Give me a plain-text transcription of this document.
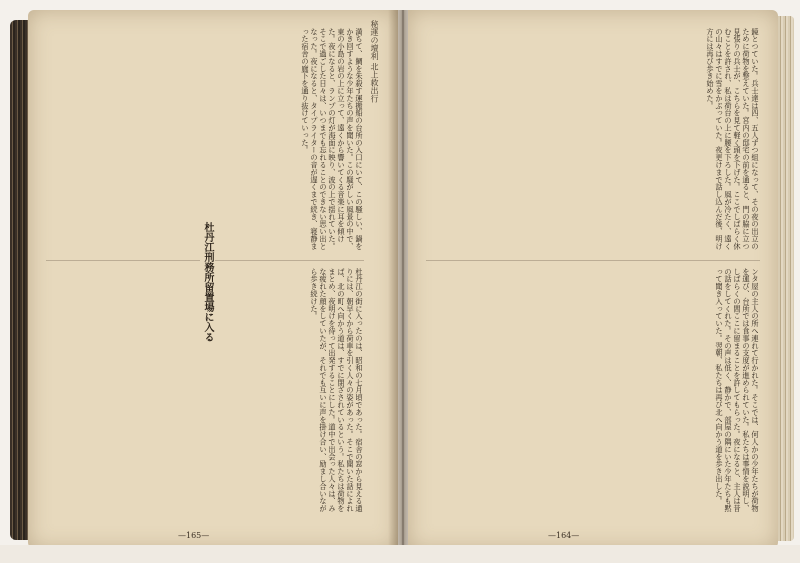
秘運の壇利 北上救出行
満ちて、鯛を朱殺す運搬船の台所の入口にいて、この騒しい、鍋をかき回すような少年たちの声を聞いた。この騒がしい風景の中で、東の小島の岩の上に立って、遠くから響いてくる音楽に耳を傾けた。夜になると、ランプの灯が海面に映り、波の上で揺れていた。そこで過ごした日々は、いつまでも忘れることのできない思い出となった。夜になると、タイプライターの音が遅くまで続き、寝静まった宿舎の廊下を通り抜けていった。
杜丹江の街に入ったのは、昭和の七月頃であった。宿舎の窓から見える通りには、朝早くから荷車を引く人々の姿があった。そこで聞いた話によれば、北の町へ向かう道は、すでに閉ざされているという。私たちは荷物をまとめ、夜明けを待って出発することにした。道中で出会った人々は、みな疲れた顔をしていたが、それでも互いに声を掛け合い、励まし合いながら歩き続けた。
杜丹江刑務所留置場に入る
—165—
鏡とつていた。兵士達は四、五人ずつ組になって、その夜の出立のために荷物を整えていた。宮内の邸宅の前を通ると、門の脇に立つ見張りの兵士が、こちらを見て軽く頭を下げた。ここでしばらく休むことを許され、私は荷台の上に腰を下ろした。風が冷たく、遠くの山々はすでに雪をかぶっていた。夜更けまで話し込んだ後、明け方には再び歩き始めた。
ンタ屋の主人の所へ連れて行かれた。そこでは、何人かの少年たちが荷物を運び、台所では食事の支度が進められていた。私たちは事情を説明し、しばらくの間ここに留まることを許してもらった。夜になると、主人は昔の話をしてくれた。その声は低く、静かで、部屋の隅にいた少年たちも黙って聞き入っていた。翌朝、私たちは再び北へ向かう道を歩き出した。
—164—
